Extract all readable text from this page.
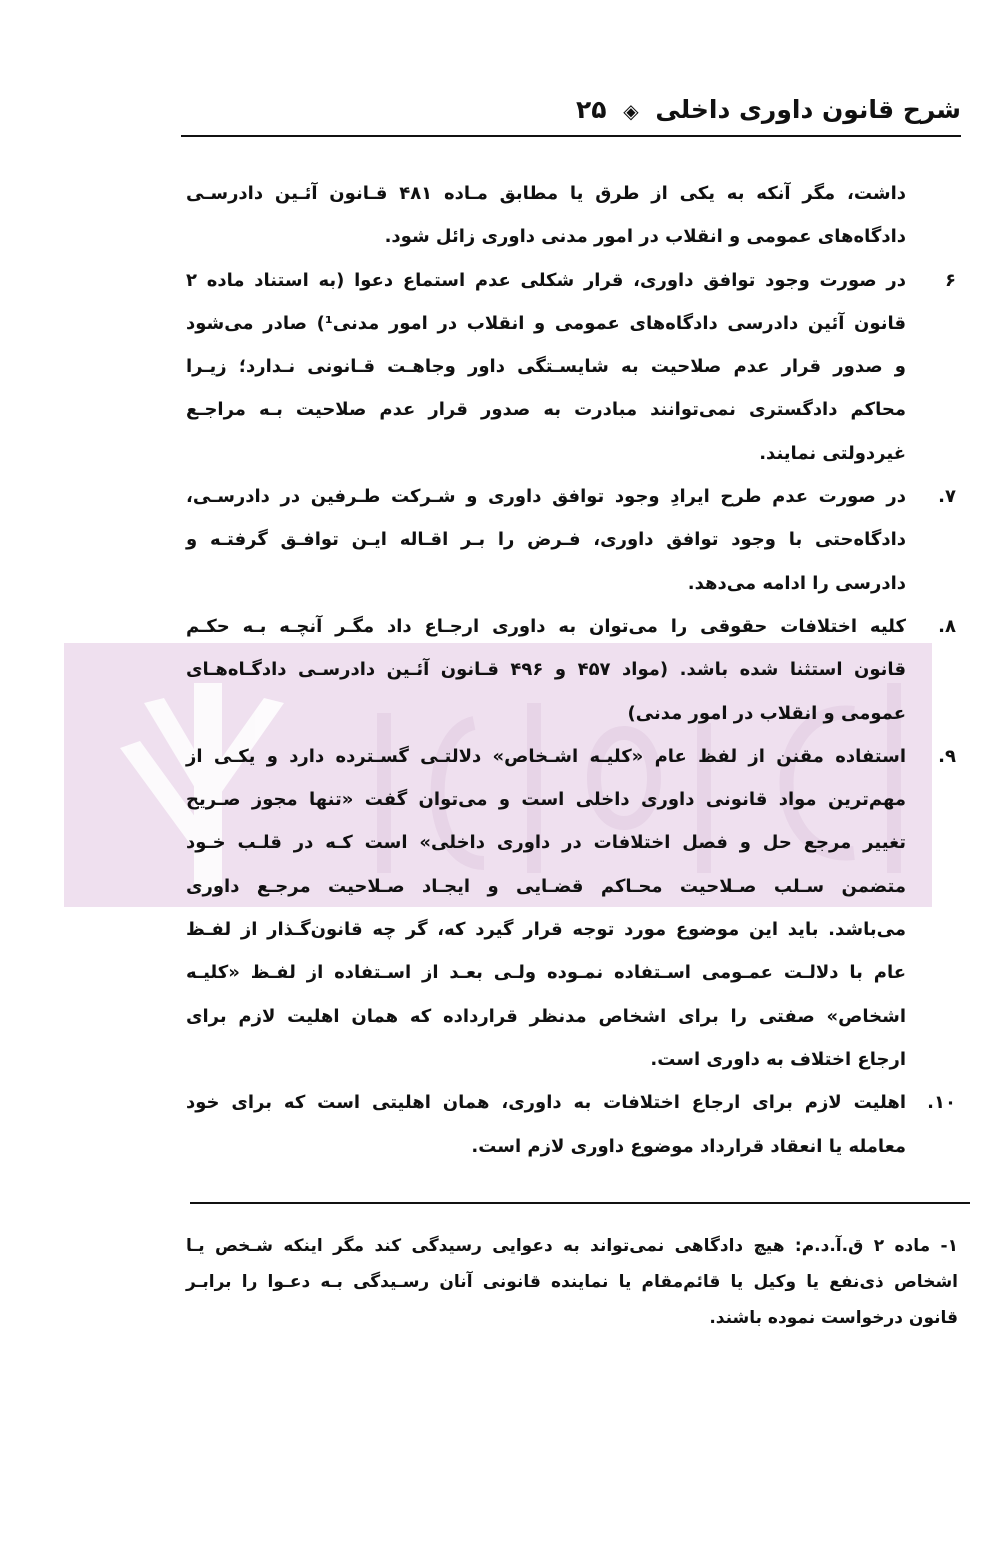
شرح قانون داوری داخلی ◈ ۲۵
داشت، مگر آنکه به یکی از طرق یا مطابق مـاده ۴۸۱ قـانون آئـین دادرسـی
دادگاه‌های عمومی و انقلاب در امور مدنی داوری زائل شود.
۶
در صورت وجود توافق داوری، قرار شکلی عدم استماع دعوا (به استناد ماده ۲
قانون آئین دادرسی دادگاه‌های عمومی و انقلاب در امور مدنی¹) صادر می‌شود
و صدور قرار عدم صلاحیت به شایسـتگی داور وجاهـت قـانونی نـدارد؛ زیـرا
محاکم دادگستری نمی‌توانند مبادرت به صدور قرار عدم صلاحیت بـه مراجـع
غیردولتی نمایند.
۷.
در صورت عدم طرح ایرادِ وجود توافق داوری و شـرکت طـرفین در دادرسـی،
دادگاه‌حتی با وجود توافق داوری، فـرض را بـر اقـاله ایـن توافـق گرفتـه و
دادرسی را ادامه می‌دهد.
۸.
کلیه اختلافات حقوقی را می‌توان به داوری ارجـاع داد مگـر آنچـه بـه حکـم
قانون استثنا شده باشد. (مواد ۴۵۷ و ۴۹۶ قـانون آئـین دادرسـی دادگـاه‌هـای
عمومی و انقلاب در امور مدنی)
۹.
استفاده مقنن از لفظ عام «کلیـه اشـخاص» دلالتـی گسـترده دارد و یکـی از
مهم‌ترین مواد قانونی داوری داخلی است و می‌توان گفت «تنها مجوز صـریح
تغییر مرجع حل و فصل اختلافات در داوری داخلی» است کـه در قلـب خـود
متضمن سـلب صـلاحیت محـاکم قضـایی و ایجـاد صـلاحیت مرجـع داوری
می‌باشد. باید این موضوع مورد توجه قرار گیرد که، گر چه قانون‌گـذار از لفـظ
عام با دلالـت عمـومی اسـتفاده نمـوده ولـی بعـد از اسـتفاده از لفـظ «کلیـه
اشخاص» صفتی را برای اشخاص مدنظر قرارداده که همان اهلیت لازم برای
ارجاع اختلاف به داوری است.
۱۰.
اهلیت لازم برای ارجاع اختلافات به داوری، همان اهلیتی است که برای خود
معامله یا انعقاد قرارداد موضوع داوری لازم است.
۱- ماده ۲ ق.آ.د.م: هیچ دادگاهی نمی‌تواند به دعوایی رسیدگی کند مگر اینکه شـخص یـا
اشخاص ذی‌نفع یا وکیل یا قائم‌مقام یا نماینده قانونی آنان رسـیدگی بـه دعـوا را برابـر
قانون درخواست نموده باشند.
